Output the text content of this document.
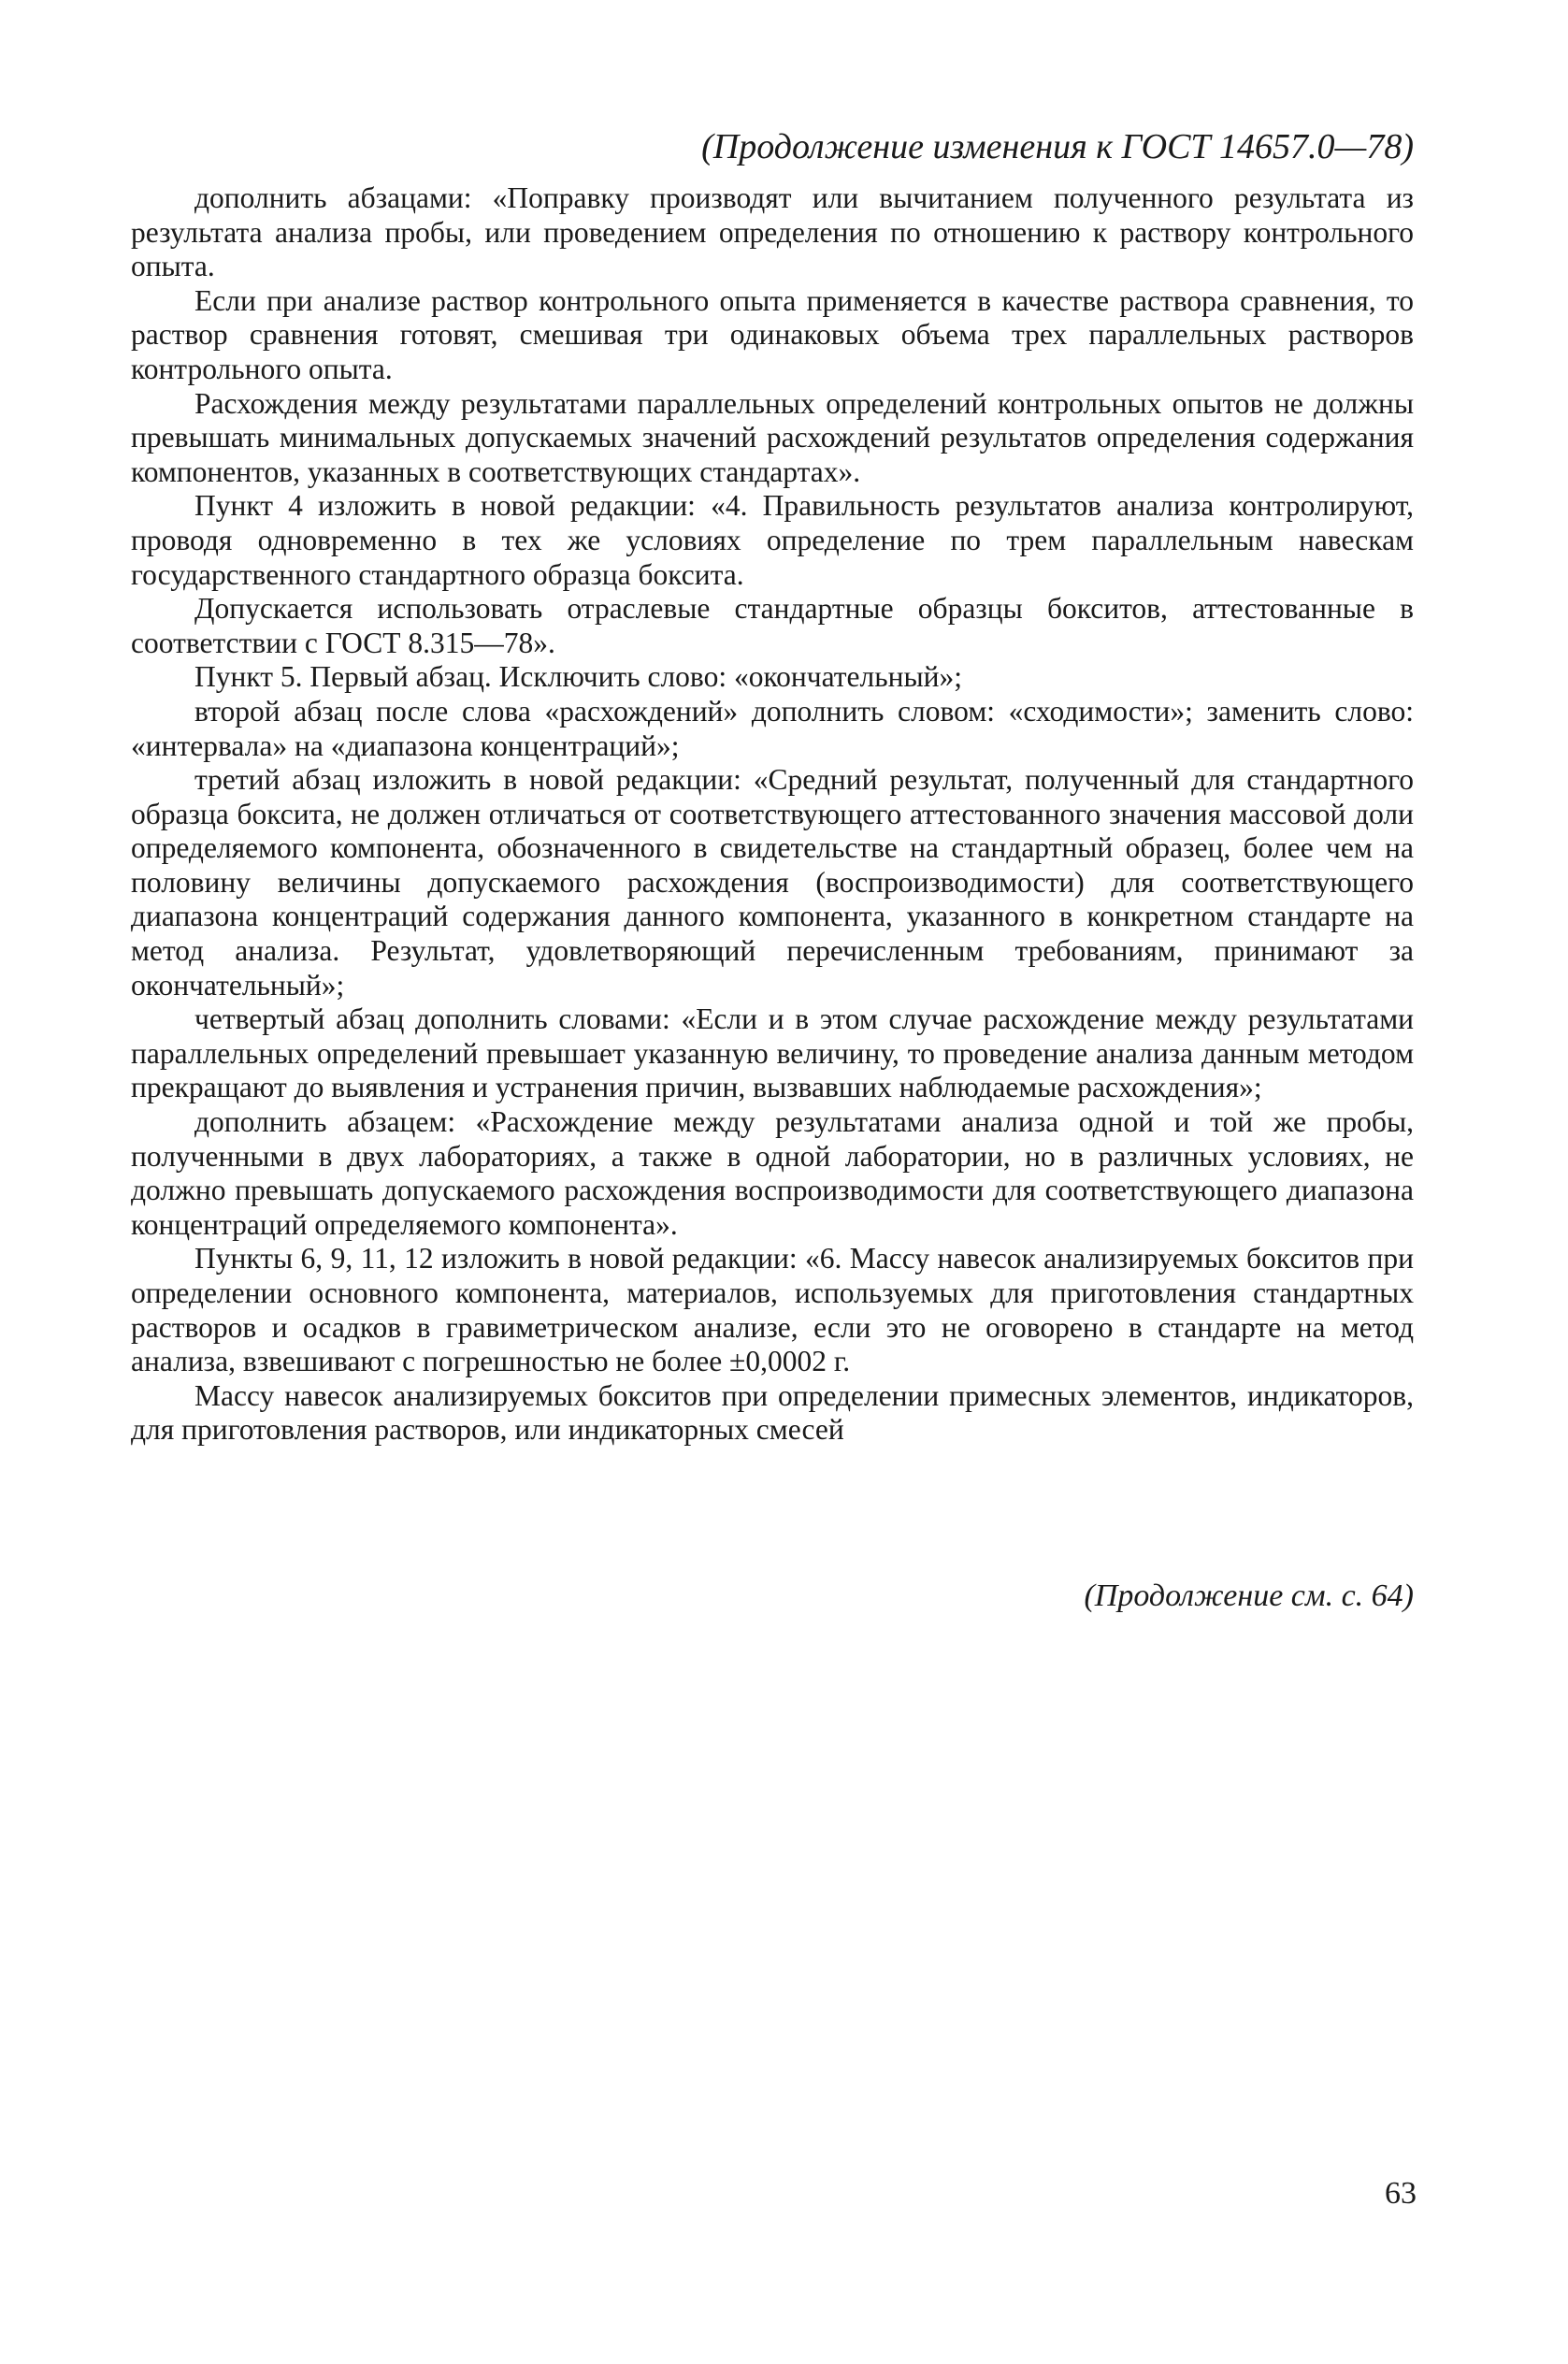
(Продолжение изменения к ГОСТ 14657.0—78)

дополнить абзацами: «Поправку производят или вычитанием полученного результата из результата анализа пробы, или проведением определения по отношению к раствору контрольного опыта.

Если при анализе раствор контрольного опыта применяется в качестве раствора сравнения, то раствор сравнения готовят, смешивая три одинаковых объема трех параллельных растворов контрольного опыта.

Расхождения между результатами параллельных определений контрольных опытов не должны превышать минимальных допускаемых значений расхождений результатов определения содержания компонентов, указанных в соответствующих стандартах».

Пункт 4 изложить в новой редакции: «4. Правильность результатов анализа контролируют, проводя одновременно в тех же условиях определение по трем параллельным навескам государственного стандартного образца боксита.

Допускается использовать отраслевые стандартные образцы бокситов, аттестованные в соответствии с ГОСТ 8.315—78».

Пункт 5. Первый абзац. Исключить слово: «окончательный»;

второй абзац после слова «расхождений» дополнить словом: «сходимости»; заменить слово: «интервала» на «диапазона концентраций»;

третий абзац изложить в новой редакции: «Средний результат, полученный для стандартного образца боксита, не должен отличаться от соответствующего аттестованного значения массовой доли определяемого компонента, обозначенного в свидетельстве на стандартный образец, более чем на половину величины допускаемого расхождения (воспроизводимости) для соответствующего диапазона концентраций содержания данного компонента, указанного в конкретном стандарте на метод анализа. Результат, удовлетворяющий перечисленным требованиям, принимают за окончательный»;

четвертый абзац дополнить словами: «Если и в этом случае расхождение между результатами параллельных определений превышает указанную величину, то проведение анализа данным методом прекращают до выявления и устранения причин, вызвавших наблюдаемые расхождения»;

дополнить абзацем: «Расхождение между результатами анализа одной и той же пробы, полученными в двух лабораториях, а также в одной лаборатории, но в различных условиях, не должно превышать допускаемого расхождения воспроизводимости для соответствующего диапазона концентраций определяемого компонента».

Пункты 6, 9, 11, 12 изложить в новой редакции: «6. Массу навесок анализируемых бокситов при определении основного компонента, материалов, используемых для приготовления стандартных растворов и осадков в гравиметрическом анализе, если это не оговорено в стандарте на метод анализа, взвешивают с погрешностью не более ±0,0002 г.

Массу навесок анализируемых бокситов при определении примесных элементов, индикаторов, для приготовления растворов, или индикаторных смесей

(Продолжение см. с. 64)

63
